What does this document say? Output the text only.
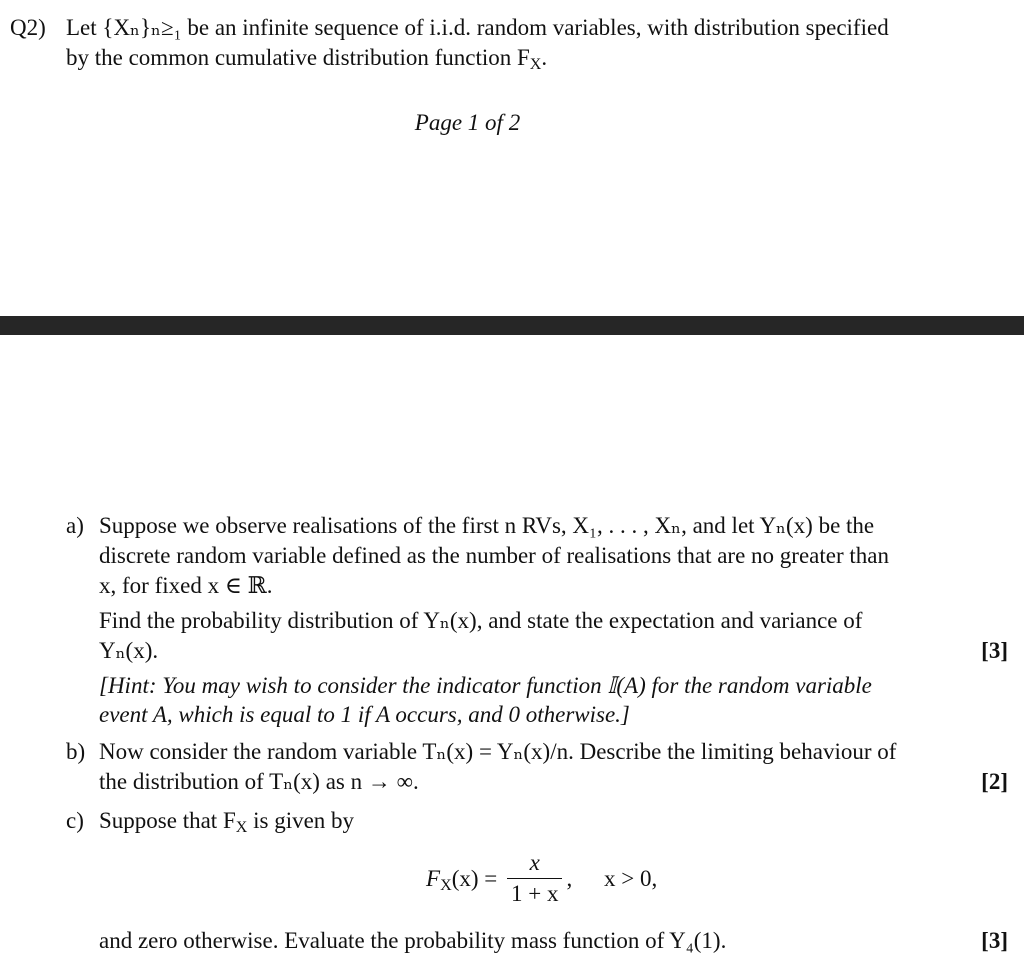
Q2) Let {Xₙ}ₙ≥₁ be an infinite sequence of i.i.d. random variables, with distribution specified
by the common cumulative distribution function $F_X$.
Page 1 of 2
a) Suppose we observe realisations of the first n RVs, X₁, . . . , Xₙ, and let Yₙ(x) be the
discrete random variable defined as the number of realisations that are no greater than
x, for fixed x ∈ ℝ.
Find the probability distribution of Yₙ(x), and state the expectation and variance of
Yₙ(x).	[3]
[Hint: You may wish to consider the indicator function 𝕀(A) for the random variable
event A, which is equal to 1 if A occurs, and 0 otherwise.]
b) Now consider the random variable Tₙ(x) = Yₙ(x)/n. Describe the limiting behaviour of
the distribution of Tₙ(x) as n → ∞.	[2]
c) Suppose that $F_X$ is given by
$F_X(x) = \frac{x}{1 + x}$ , x > 0,
and zero otherwise. Evaluate the probability mass function of Y₄(1).	[3]
